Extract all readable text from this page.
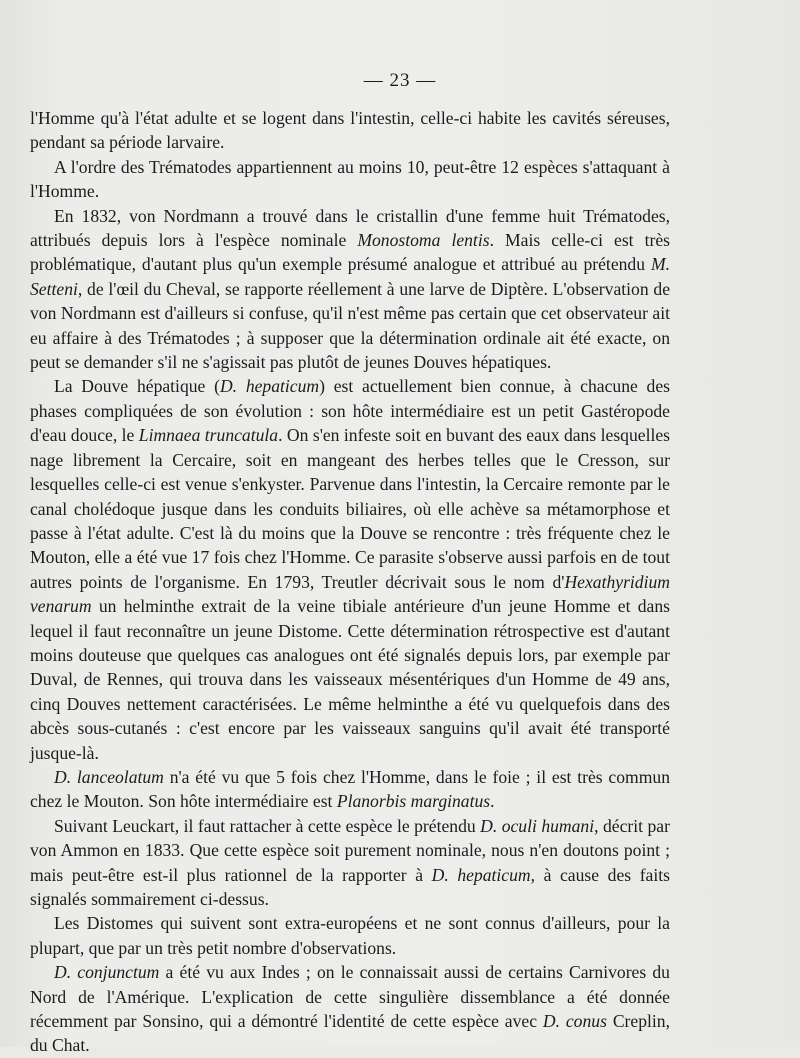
— 23 —

l'Homme qu'à l'état adulte et se logent dans l'intestin, celle-ci habite les cavités séreuses, pendant sa période larvaire.

A l'ordre des Trématodes appartiennent au moins 10, peut-être 12 espèces s'attaquant à l'Homme.

En 1832, von Nordmann a trouvé dans le cristallin d'une femme huit Trématodes, attribués depuis lors à l'espèce nominale Monostoma lentis. Mais celle-ci est très problématique, d'autant plus qu'un exemple présumé analogue et attribué au prétendu M. Setteni, de l'œil du Cheval, se rapporte réellement à une larve de Diptère. L'observation de von Nordmann est d'ailleurs si confuse, qu'il n'est même pas certain que cet observateur ait eu affaire à des Trématodes ; à supposer que la détermination ordinale ait été exacte, on peut se demander s'il ne s'agissait pas plutôt de jeunes Douves hépatiques.

La Douve hépatique (D. hepaticum) est actuellement bien connue, à chacune des phases compliquées de son évolution : son hôte intermédiaire est un petit Gastéropode d'eau douce, le Limnaea truncatula. On s'en infeste soit en buvant des eaux dans lesquelles nage librement la Cercaire, soit en mangeant des herbes telles que le Cresson, sur lesquelles celle-ci est venue s'enkyster. Parvenue dans l'intestin, la Cercaire remonte par le canal cholédoque jusque dans les conduits biliaires, où elle achève sa métamorphose et passe à l'état adulte. C'est là du moins que la Douve se rencontre : très fréquente chez le Mouton, elle a été vue 17 fois chez l'Homme. Ce parasite s'observe aussi parfois en de tout autres points de l'organisme. En 1793, Treutler décrivait sous le nom d'Hexathyridium venarum un helminthe extrait de la veine tibiale antérieure d'un jeune Homme et dans lequel il faut reconnaître un jeune Distome. Cette détermination rétrospective est d'autant moins douteuse que quelques cas analogues ont été signalés depuis lors, par exemple par Duval, de Rennes, qui trouva dans les vaisseaux mésentériques d'un Homme de 49 ans, cinq Douves nettement caractérisées. Le même helminthe a été vu quelquefois dans des abcès sous-cutanés : c'est encore par les vaisseaux sanguins qu'il avait été transporté jusque-là.

D. lanceolatum n'a été vu que 5 fois chez l'Homme, dans le foie ; il est très commun chez le Mouton. Son hôte intermédiaire est Planorbis marginatus.

Suivant Leuckart, il faut rattacher à cette espèce le prétendu D. oculi humani, décrit par von Ammon en 1833. Que cette espèce soit purement nominale, nous n'en doutons point ; mais peut-être est-il plus rationnel de la rapporter à D. hepaticum, à cause des faits signalés sommairement ci-dessus.

Les Distomes qui suivent sont extra-européens et ne sont connus d'ailleurs, pour la plupart, que par un très petit nombre d'observations.

D. conjunctum a été vu aux Indes ; on le connaissait aussi de certains Carnivores du Nord de l'Amérique. L'explication de cette singulière dissemblance a été donnée récemment par Sonsino, qui a démontré l'identité de cette espèce avec D. conus Creplin, du Chat.
